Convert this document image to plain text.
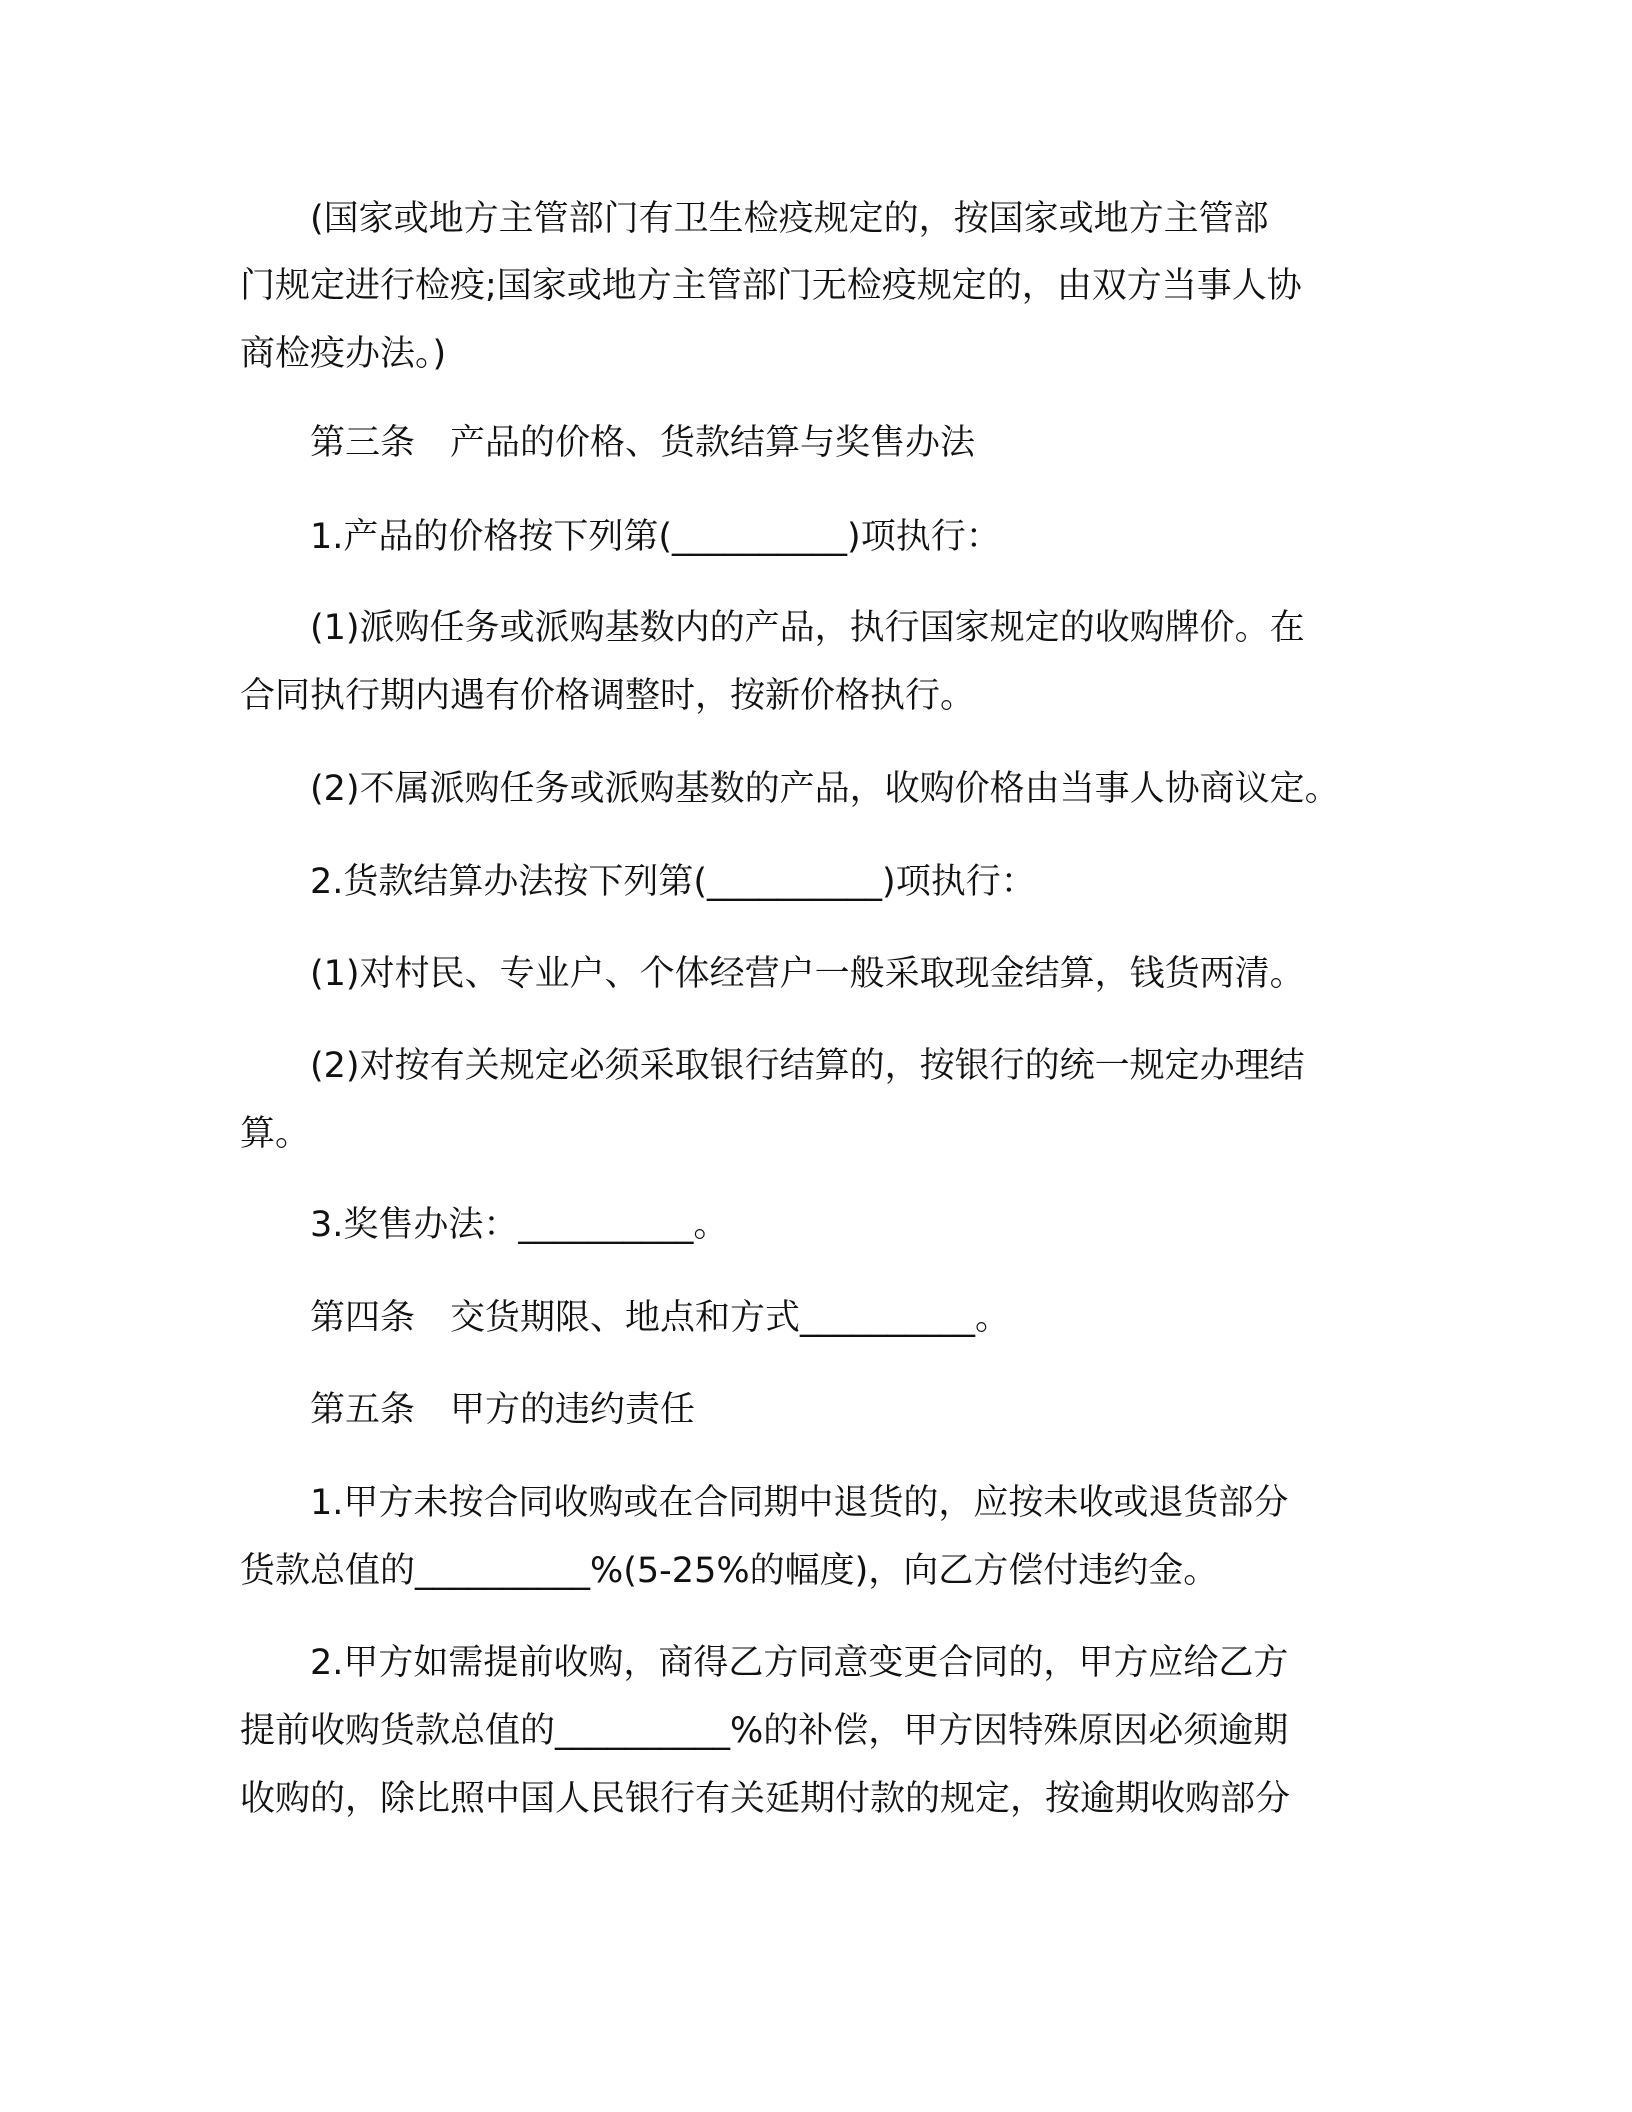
　　(国家或地方主管部门有卫生检疫规定的，按国家或地方主管部

门规定进行检疫;国家或地方主管部门无检疫规定的，由双方当事人协

商检疫办法。)

　　第三条　产品的价格、货款结算与奖售办法

　　1.产品的价格按下列第(__________)项执行：

　　(1)派购任务或派购基数内的产品，执行国家规定的收购牌价。在

合同执行期内遇有价格调整时，按新价格执行。

　　(2)不属派购任务或派购基数的产品，收购价格由当事人协商议定。

　　2.货款结算办法按下列第(__________)项执行：

　　(1)对村民、专业户、个体经营户一般采取现金结算，钱货两清。

　　(2)对按有关规定必须采取银行结算的，按银行的统一规定办理结

算。

　　3.奖售办法：__________。

　　第四条　交货期限、地点和方式__________。

　　第五条　甲方的违约责任

　　1.甲方未按合同收购或在合同期中退货的，应按未收或退货部分

货款总值的__________%(5-25%的幅度)，向乙方偿付违约金。

　　2.甲方如需提前收购，商得乙方同意变更合同的，甲方应给乙方

提前收购货款总值的__________%的补偿，甲方因特殊原因必须逾期

收购的，除比照中国人民银行有关延期付款的规定，按逾期收购部分
